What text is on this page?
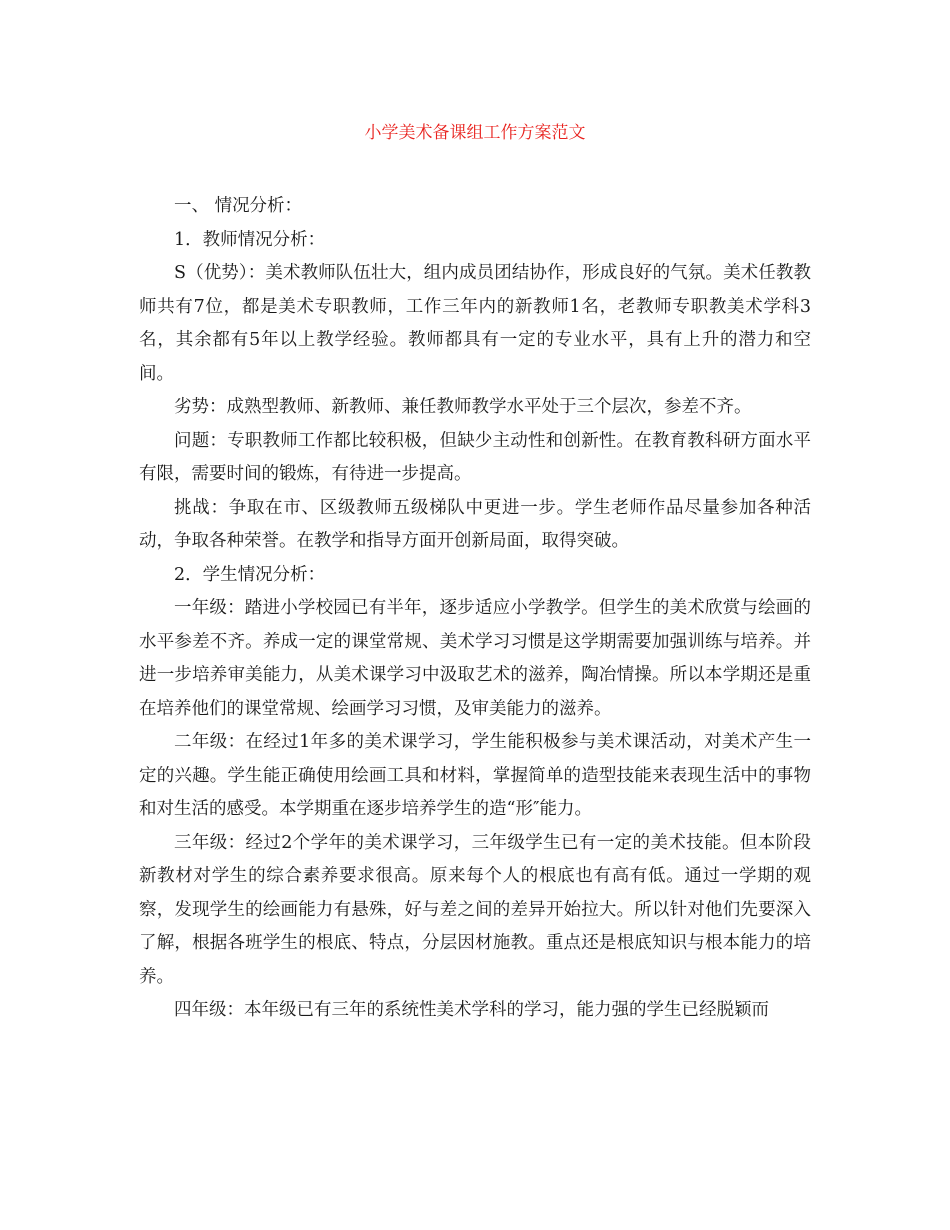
小学美术备课组工作方案范文

一、 情况分析：

1．教师情况分析：

S（优势）：美术教师队伍壮大，组内成员团结协作，形成良好的气氛。美术任教教师共有7位，都是美术专职教师，工作三年内的新教师1名，老教师专职教美术学科3名，其余都有5年以上教学经验。教师都具有一定的专业水平，具有上升的潜力和空间。

劣势：成熟型教师、新教师、兼任教师教学水平处于三个层次，参差不齐。

问题：专职教师工作都比较积极，但缺少主动性和创新性。在教育教科研方面水平有限，需要时间的锻炼，有待进一步提高。

挑战：争取在市、区级教师五级梯队中更进一步。学生老师作品尽量参加各种活动，争取各种荣誉。在教学和指导方面开创新局面，取得突破。

2．学生情况分析：

一年级：踏进小学校园已有半年，逐步适应小学教学。但学生的美术欣赏与绘画的水平参差不齐。养成一定的课堂常规、美术学习习惯是这学期需要加强训练与培养。并进一步培养审美能力，从美术课学习中汲取艺术的滋养，陶冶情操。所以本学期还是重在培养他们的课堂常规、绘画学习习惯，及审美能力的滋养。

二年级：在经过1年多的美术课学习，学生能积极参与美术课活动，对美术产生一定的兴趣。学生能正确使用绘画工具和材料，掌握简单的造型技能来表现生活中的事物和对生活的感受。本学期重在逐步培养学生的造“形″能力。

三年级：经过2个学年的美术课学习，三年级学生已有一定的美术技能。但本阶段新教材对学生的综合素养要求很高。原来每个人的根底也有高有低。通过一学期的观察，发现学生的绘画能力有悬殊，好与差之间的差异开始拉大。所以针对他们先要深入了解，根据各班学生的根底、特点，分层因材施教。重点还是根底知识与根本能力的培养。

四年级：本年级已有三年的系统性美术学科的学习，能力强的学生已经脱颖而
